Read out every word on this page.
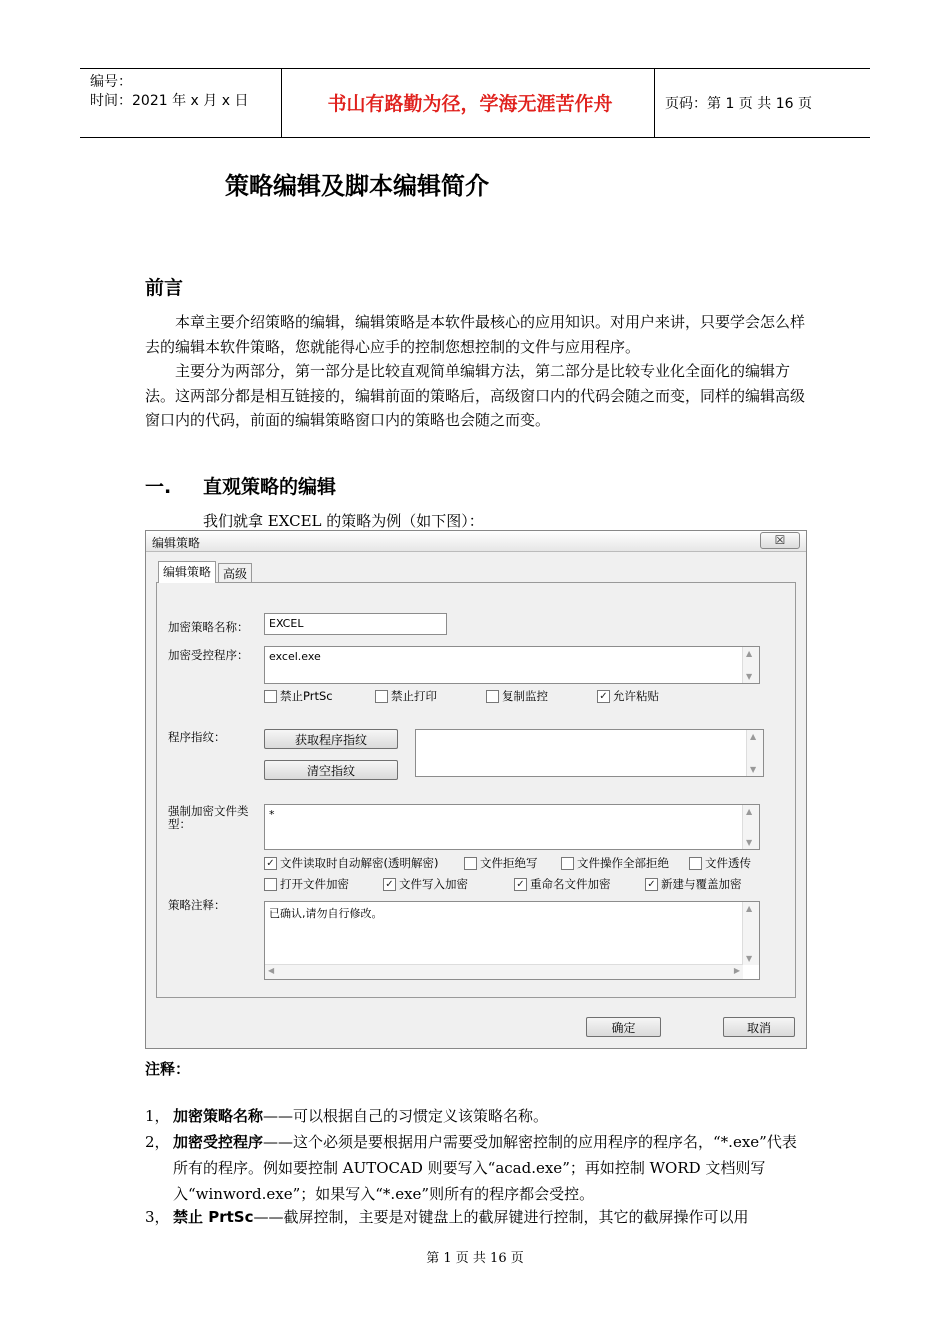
编号：
时间：2021 年 x 月 x 日	书山有路勤为径，学海无涯苦作舟	页码：第 1 页 共 16 页
策略编辑及脚本编辑简介
前言

本章主要介绍策略的编辑，编辑策略是本软件最核心的应用知识。对用户来讲，只要学会怎么样去的编辑本软件策略，您就能得心应手的控制您想控制的文件与应用程序。

主要分为两部分，第一部分是比较直观简单编辑方法，第二部分是比较专业化全面化的编辑方法。这两部分都是相互链接的，编辑前面的策略后，高级窗口内的代码会随之而变，同样的编辑高级窗口内的代码，前面的编辑策略窗口内的策略也会随之而变。

一. 直观策略的编辑
我们就拿 EXCEL 的策略为例（如下图）：
编辑策略	☒
编辑策略 高级
加密策略名称：	EXCEL
加密受控程序：	excel.exe	▲
▼
禁止PrtSc	禁止打印	复制监控	✓ 允许粘贴
程序指纹：	获取程序指纹
清空指纹
▲
▼
强制加密文件类型：
*	▲
▼
✓ 文件读取时自动解密(透明解密)	文件拒绝写	文件操作全部拒绝	文件透传
打开文件加密	✓ 文件写入加密	✓ 重命名文件加密	✓ 新建与覆盖加密
策略注释：
已确认,请勿自行修改。	▲
▼
◀	▶
确定	取消
注释：
1， 加密策略名称——可以根据自己的习惯定义该策略名称。
2， 加密受控程序——这个必须是要根据用户需要受加解密控制的应用程序的程序名，“*.exe”代表所有的程序。例如要控制 AUTOCAD 则要写入“acad.exe”；再如控制 WORD 文档则写入“winword.exe”；如果写入“*.exe”则所有的程序都会受控。
3， 禁止 PrtSc——截屏控制，主要是对键盘上的截屏键进行控制，其它的截屏操作可以用
第 1 页 共 16 页
